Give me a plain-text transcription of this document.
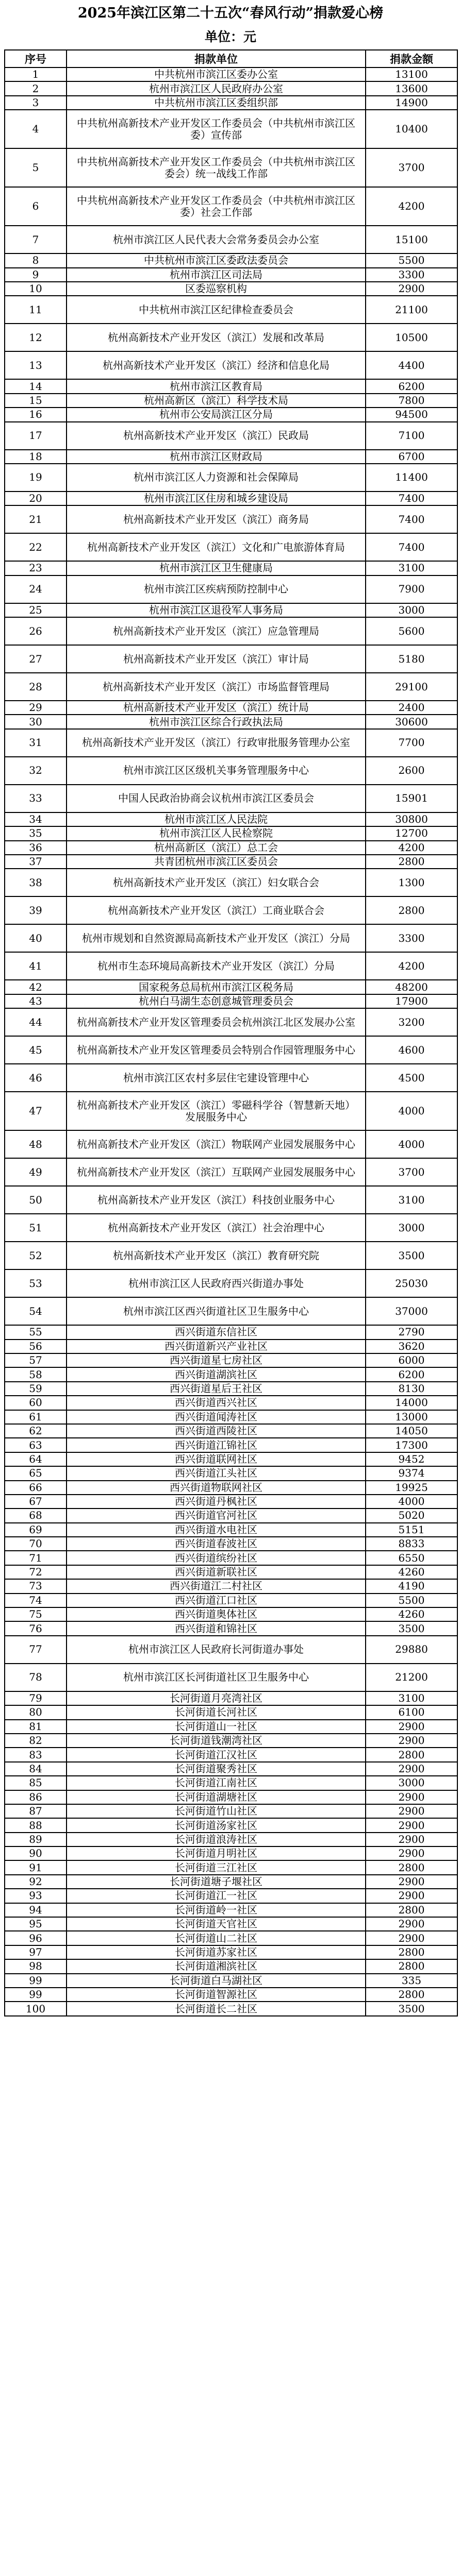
2025年滨江区第二十五次“春风行动”捐款爱心榜
单位：元
序号	捐款单位	捐款金额
1	中共杭州市滨江区委办公室	13100
2	杭州市滨江区人民政府办公室	13600
3	中共杭州市滨江区委组织部	14900
4	中共杭州高新技术产业开发区工作委员会（中共杭州市滨江区委）宣传部	10400
5	中共杭州高新技术产业开发区工作委员会（中共杭州市滨江区委会）统一战线工作部	3700
6	中共杭州高新技术产业开发区工作委员会（中共杭州市滨江区委）社会工作部	4200
7	杭州市滨江区人民代表大会常务委员会办公室	15100
8	中共杭州市滨江区委政法委员会	5500
9	杭州市滨江区司法局	3300
10	区委巡察机构	2900
11	中共杭州市滨江区纪律检查委员会	21100
12	杭州高新技术产业开发区（滨江）发展和改革局	10500
13	杭州高新技术产业开发区（滨江）经济和信息化局	4400
14	杭州市滨江区教育局	6200
15	杭州高新区（滨江）科学技术局	7800
16	杭州市公安局滨江区分局	94500
17	杭州高新技术产业开发区（滨江）民政局	7100
18	杭州市滨江区财政局	6700
19	杭州市滨江区人力资源和社会保障局	11400
20	杭州市滨江区住房和城乡建设局	7400
21	杭州高新技术产业开发区（滨江）商务局	7400
22	杭州高新技术产业开发区（滨江）文化和广电旅游体育局	7400
23	杭州市滨江区卫生健康局	3100
24	杭州市滨江区疾病预防控制中心	7900
25	杭州市滨江区退役军人事务局	3000
26	杭州高新技术产业开发区（滨江）应急管理局	5600
27	杭州高新技术产业开发区（滨江）审计局	5180
28	杭州高新技术产业开发区（滨江）市场监督管理局	29100
29	杭州高新技术产业开发区（滨江）统计局	2400
30	杭州市滨江区综合行政执法局	30600
31	杭州高新技术产业开发区（滨江）行政审批服务管理办公室	7700
32	杭州市滨江区区级机关事务管理服务中心	2600
33	中国人民政治协商会议杭州市滨江区委员会	15901
34	杭州市滨江区人民法院	30800
35	杭州市滨江区人民检察院	12700
36	杭州高新区（滨江）总工会	4200
37	共青团杭州市滨江区委员会	2800
38	杭州高新技术产业开发区（滨江）妇女联合会	1300
39	杭州高新技术产业开发区（滨江）工商业联合会	2800
40	杭州市规划和自然资源局高新技术产业开发区（滨江）分局	3300
41	杭州市生态环境局高新技术产业开发区（滨江）分局	4200
42	国家税务总局杭州市滨江区税务局	48200
43	杭州白马湖生态创意城管理委员会	17900
44	杭州高新技术产业开发区管理委员会杭州滨江北区发展办公室	3200
45	杭州高新技术产业开发区管理委员会特别合作园管理服务中心	4600
46	杭州市滨江区农村多层住宅建设管理中心	4500
47	杭州高新技术产业开发区（滨江）零磁科学谷（智慧新天地）发展服务中心	4000
48	杭州高新技术产业开发区（滨江）物联网产业园发展服务中心	4000
49	杭州高新技术产业开发区（滨江）互联网产业园发展服务中心	3700
50	杭州高新技术产业开发区（滨江）科技创业服务中心	3100
51	杭州高新技术产业开发区（滨江）社会治理中心	3000
52	杭州高新技术产业开发区（滨江）教育研究院	3500
53	杭州市滨江区人民政府西兴街道办事处	25030
54	杭州市滨江区西兴街道社区卫生服务中心	37000
55	西兴街道东信社区	2790
56	西兴街道新兴产业社区	3620
57	西兴街道星七房社区	6000
58	西兴街道湖滨社区	6200
59	西兴街道星后王社区	8130
60	西兴街道西兴社区	14000
61	西兴街道闻涛社区	13000
62	西兴街道西陵社区	14050
63	西兴街道江锦社区	17300
64	西兴街道联网社区	9452
65	西兴街道江头社区	9374
66	西兴街道物联网社区	19925
67	西兴街道丹枫社区	4000
68	西兴街道官河社区	5020
69	西兴街道水电社区	5151
70	西兴街道春波社区	8833
71	西兴街道缤纷社区	6550
72	西兴街道新联社区	4260
73	西兴街道江二村社区	4190
74	西兴街道江口社区	5500
75	西兴街道奥体社区	4260
76	西兴街道和锦社区	3500
77	杭州市滨江区人民政府长河街道办事处	29880
78	杭州市滨江区长河街道社区卫生服务中心	21200
79	长河街道月亮湾社区	3100
80	长河街道长河社区	6100
81	长河街道山一社区	2900
82	长河街道钱潮湾社区	2900
83	长河街道江汉社区	2800
84	长河街道聚秀社区	2900
85	长河街道江南社区	3000
86	长河街道湖塘社区	2900
87	长河街道竹山社区	2900
88	长河街道汤家社区	2900
89	长河街道浪涛社区	2900
90	长河街道月明社区	2900
91	长河街道三江社区	2800
92	长河街道塘子堰社区	2900
93	长河街道江一社区	2900
94	长河街道岭一社区	2800
95	长河街道天官社区	2900
96	长河街道山二社区	2900
97	长河街道苏家社区	2800
98	长河街道湘滨社区	2800
99	长河街道白马湖社区	335
99	长河街道智源社区	2800
100	长河街道长二社区	3500
